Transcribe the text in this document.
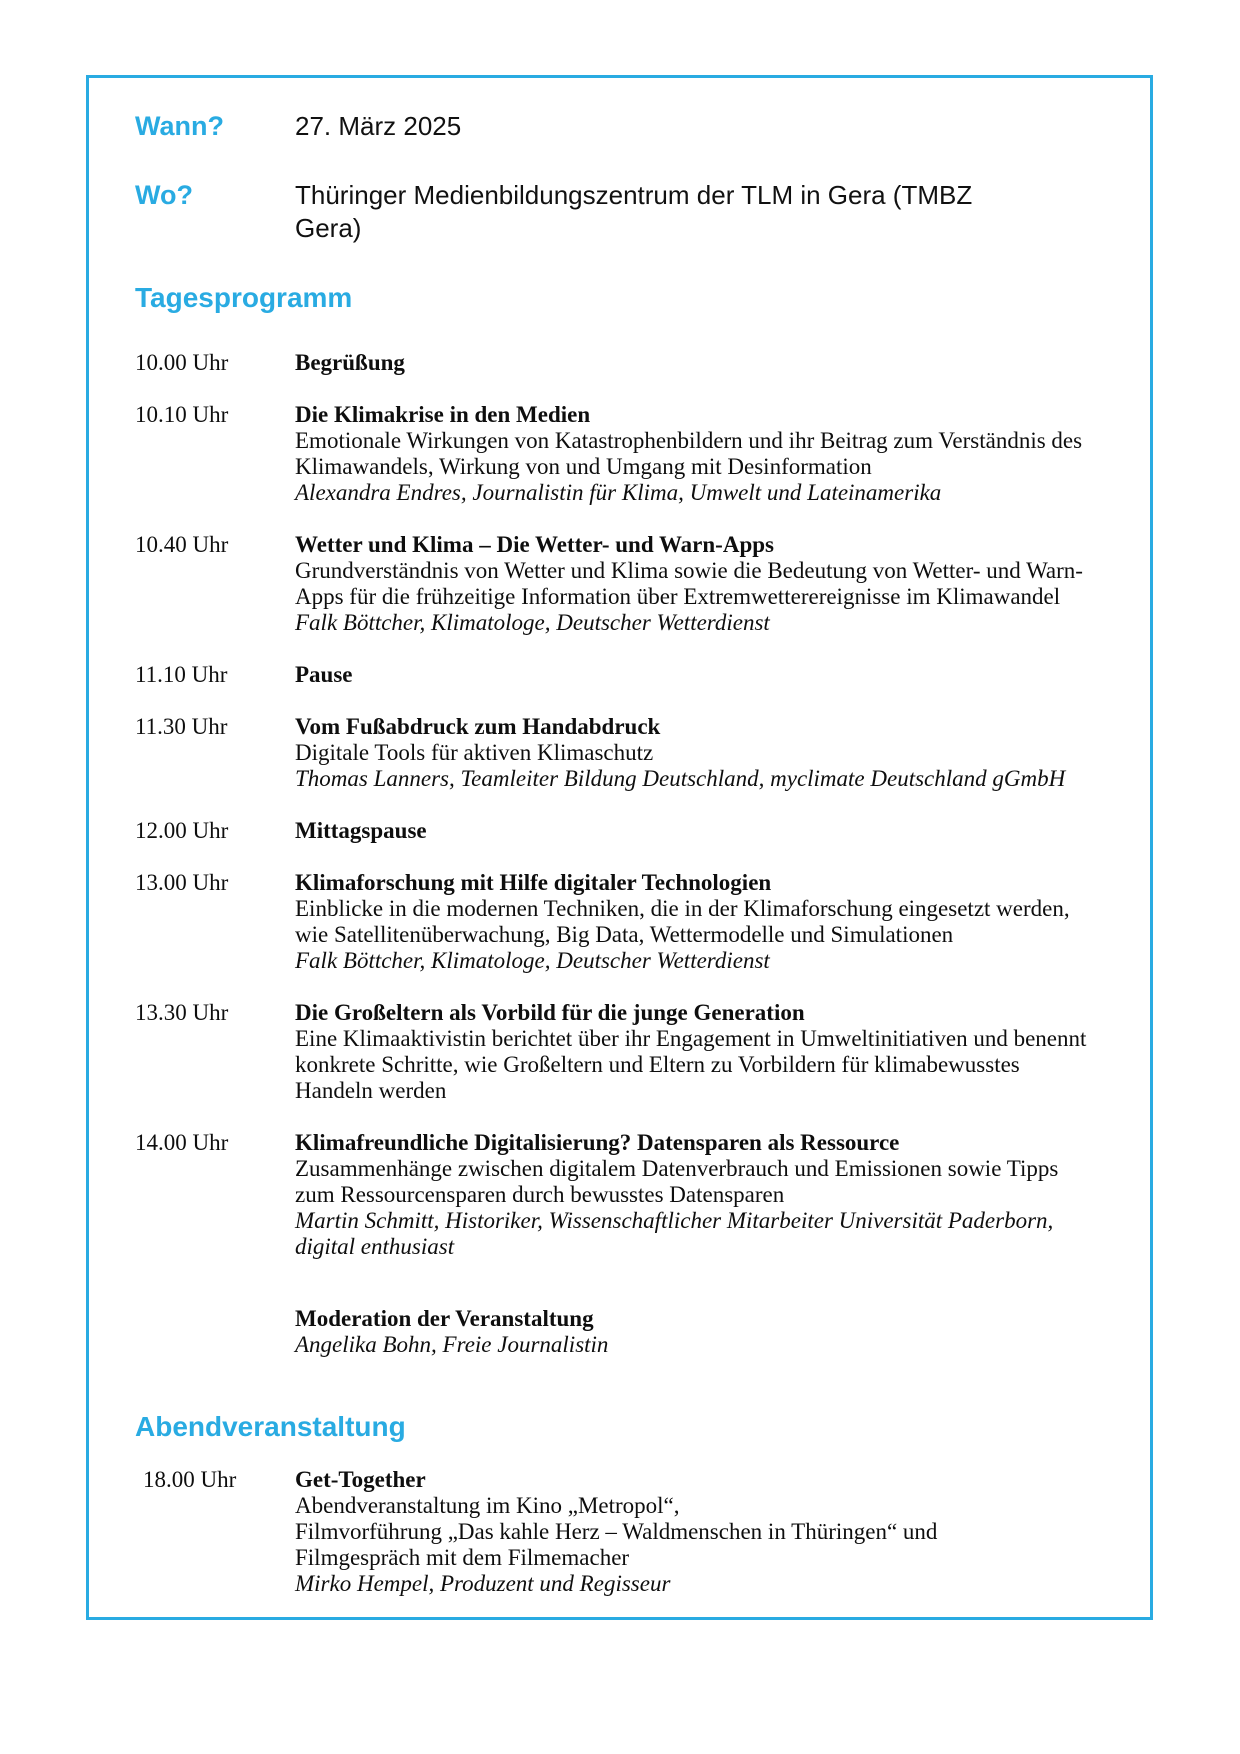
Wann?	27. März 2025
Wo?	Thüringer Medienbildungszentrum der TLM in Gera (TMBZ Gera)
Tagesprogramm
10.00 Uhr	Begrüßung
10.10 Uhr	Die Klimakrise in den Medien
Emotionale Wirkungen von Katastrophenbildern und ihr Beitrag zum Verständnis des Klimawandels, Wirkung von und Umgang mit Desinformation
Alexandra Endres, Journalistin für Klima, Umwelt und Lateinamerika
10.40 Uhr	Wetter und Klima – Die Wetter- und Warn-Apps
Grundverständnis von Wetter und Klima sowie die Bedeutung von Wetter- und Warn-Apps für die frühzeitige Information über Extremwetterereignisse im Klimawandel
Falk Böttcher, Klimatologe, Deutscher Wetterdienst
11.10 Uhr	Pause
11.30 Uhr	Vom Fußabdruck zum Handabdruck
Digitale Tools für aktiven Klimaschutz
Thomas Lanners, Teamleiter Bildung Deutschland, myclimate Deutschland gGmbH
12.00 Uhr	Mittagspause
13.00 Uhr	Klimaforschung mit Hilfe digitaler Technologien
Einblicke in die modernen Techniken, die in der Klimaforschung eingesetzt werden, wie Satellitenüberwachung, Big Data, Wettermodelle und Simulationen
Falk Böttcher, Klimatologe, Deutscher Wetterdienst
13.30 Uhr	Die Großeltern als Vorbild für die junge Generation
Eine Klimaaktivistin berichtet über ihr Engagement in Umweltinitiativen und benennt konkrete Schritte, wie Großeltern und Eltern zu Vorbildern für klimabewusstes Handeln werden
14.00 Uhr	Klimafreundliche Digitalisierung? Datensparen als Ressource
Zusammenhänge zwischen digitalem Datenverbrauch und Emissionen sowie Tipps zum Ressourcensparen durch bewusstes Datensparen
Martin Schmitt, Historiker, Wissenschaftlicher Mitarbeiter Universität Paderborn, digital enthusiast
Moderation der Veranstaltung
Angelika Bohn, Freie Journalistin
Abendveranstaltung
18.00 Uhr	Get-Together
Abendveranstaltung im Kino „Metropol“,
Filmvorführung „Das kahle Herz – Waldmenschen in Thüringen“ und
Filmgespräch mit dem Filmemacher
Mirko Hempel, Produzent und Regisseur
